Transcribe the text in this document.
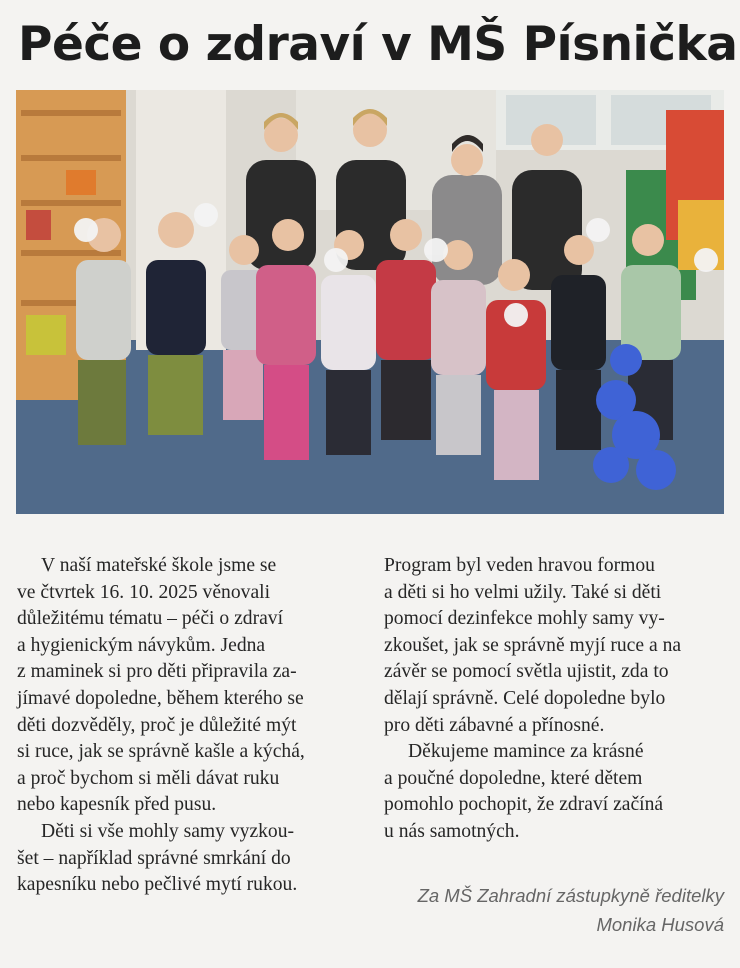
Péče o zdraví v MŠ Písnička
V naší mateřské škole jsme se
ve čtvrtek 16. 10. 2025 věnovali
důležitému tématu – péči o zdraví
a hygienickým návykům. Jedna
z maminek si pro děti připravila za-
jímavé dopoledne, během kterého se
děti dozvěděly, proč je důležité mýt
si ruce, jak se správně kašle a kýchá,
a proč bychom si měli dávat ruku
nebo kapesník před pusu.
Děti si vše mohly samy vyzkou-
šet – například správné smrkání do
kapesníku nebo pečlivé mytí rukou.
Program byl veden hravou formou
a děti si ho velmi užily. Také si děti
pomocí dezinfekce mohly samy vy-
zkoušet, jak se správně myjí ruce a na
závěr se pomocí světla ujistit, zda to
dělají správně. Celé dopoledne bylo
pro děti zábavné a přínosné.
Děkujeme mamince za krásné
a poučné dopoledne, které dětem
pomohlo pochopit, že zdraví začíná
u nás samotných.
Za MŠ Zahradní zástupkyně ředitelky
Monika Husová
